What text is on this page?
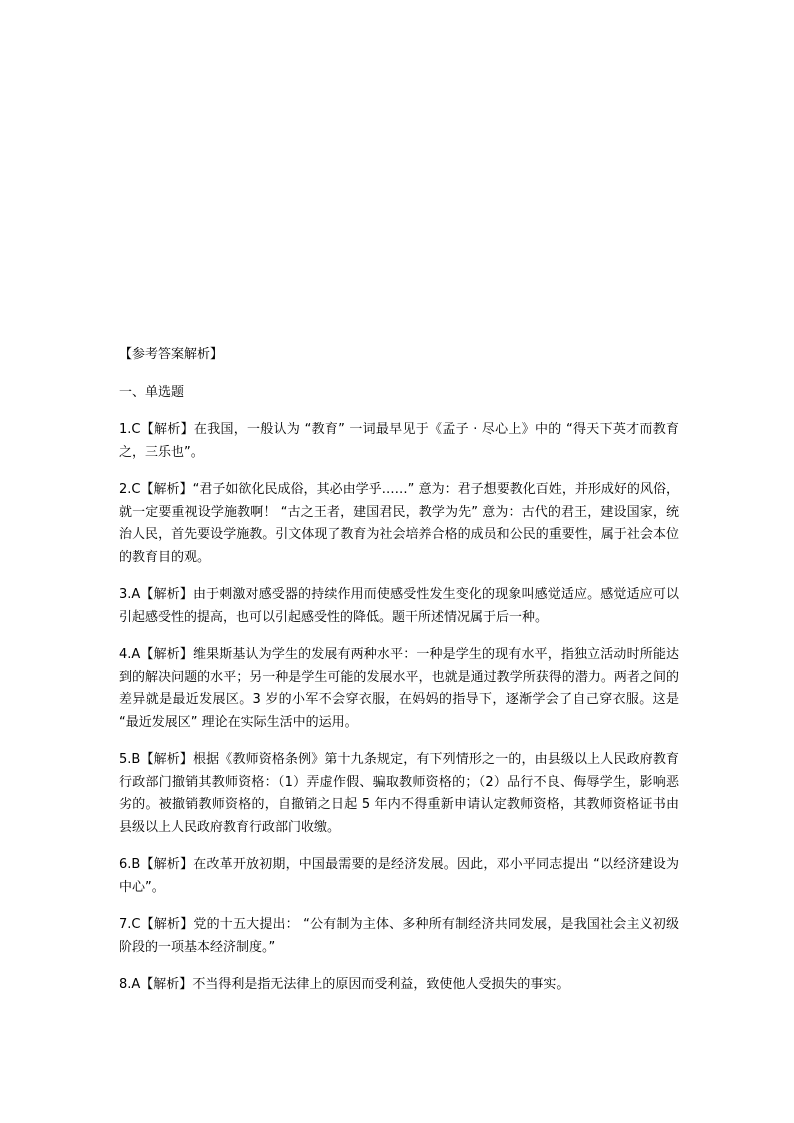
【参考答案解析】
一、单选题
1.C【解析】在我国，一般认为 “教育” 一词最早见于《孟子 · 尽心上》中的 “得天下英才而教育之，三乐也”。
2.C【解析】“君子如欲化民成俗，其必由学乎……” 意为：君子想要教化百姓，并形成好的风俗，就一定要重视设学施教啊！ “古之王者，建国君民，教学为先” 意为：古代的君王，建设国家，统治人民，首先要设学施教。引文体现了教育为社会培养合格的成员和公民的重要性，属于社会本位的教育目的观。
3.A【解析】由于刺激对感受器的持续作用而使感受性发生变化的现象叫感觉适应。感觉适应可以引起感受性的提高，也可以引起感受性的降低。题干所述情况属于后一种。
4.A【解析】维果斯基认为学生的发展有两种水平：一种是学生的现有水平，指独立活动时所能达到的解决问题的水平；另一种是学生可能的发展水平，也就是通过教学所获得的潜力。两者之间的差异就是最近发展区。3 岁的小军不会穿衣服，在妈妈的指导下，逐渐学会了自己穿衣服。这是 “最近发展区” 理论在实际生活中的运用。
5.B【解析】根据《教师资格条例》第十九条规定，有下列情形之一的，由县级以上人民政府教育行政部门撤销其教师资格：（1）弄虚作假、骗取教师资格的；（2）品行不良、侮辱学生，影响恶劣的。被撤销教师资格的，自撤销之日起 5 年内不得重新申请认定教师资格，其教师资格证书由县级以上人民政府教育行政部门收缴。
6.B【解析】在改革开放初期，中国最需要的是经济发展。因此，邓小平同志提出 “以经济建设为中心”。
7.C【解析】党的十五大提出： “公有制为主体、多种所有制经济共同发展，是我国社会主义初级阶段的一项基本经济制度。”
8.A【解析】不当得利是指无法律上的原因而受利益，致使他人受损失的事实。
